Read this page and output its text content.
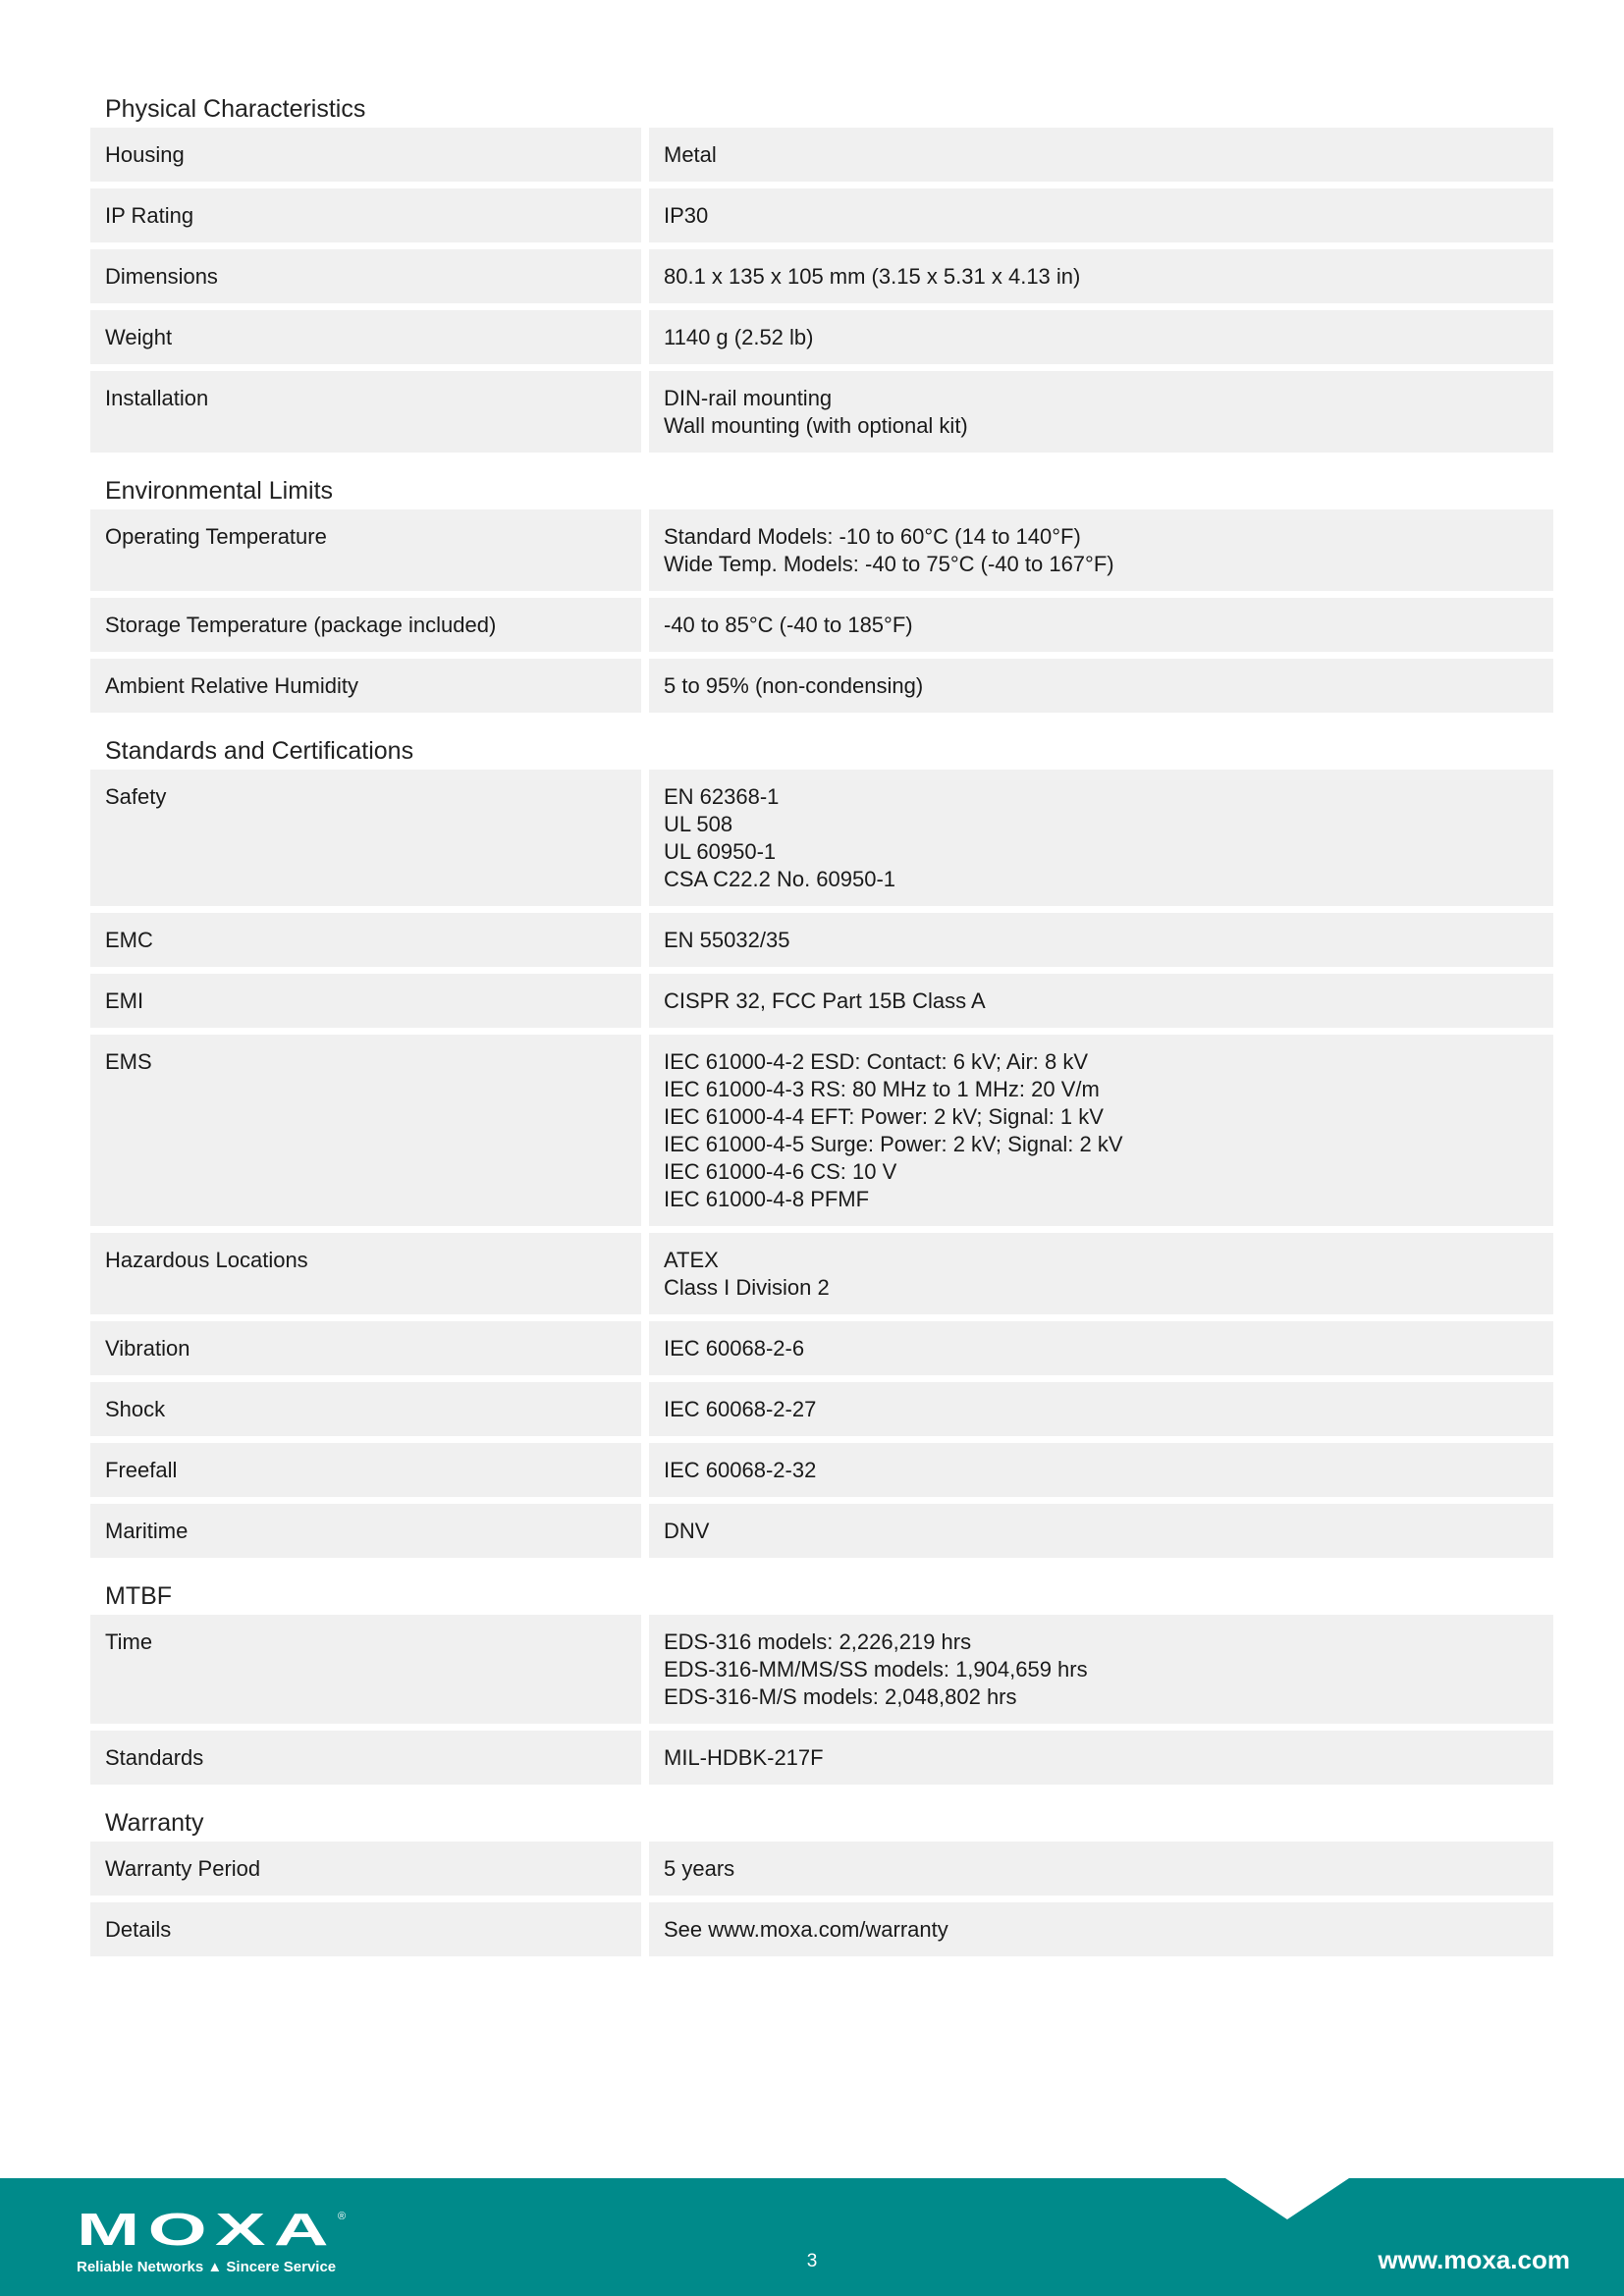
Physical Characteristics
Housing	Metal
IP Rating	IP30
Dimensions	80.1 x 135 x 105 mm (3.15 x 5.31 x 4.13 in)
Weight	1140 g (2.52 lb)
Installation	DIN-rail mounting
Wall mounting (with optional kit)
Environmental Limits
Operating Temperature	Standard Models: -10 to 60°C (14 to 140°F)
Wide Temp. Models: -40 to 75°C (-40 to 167°F)
Storage Temperature (package included)	-40 to 85°C (-40 to 185°F)
Ambient Relative Humidity	5 to 95% (non-condensing)
Standards and Certifications
Safety	EN 62368-1
UL 508
UL 60950-1
CSA C22.2 No. 60950-1
EMC	EN 55032/35
EMI	CISPR 32, FCC Part 15B Class A
EMS	IEC 61000-4-2 ESD: Contact: 6 kV; Air: 8 kV
IEC 61000-4-3 RS: 80 MHz to 1 MHz: 20 V/m
IEC 61000-4-4 EFT: Power: 2 kV; Signal: 1 kV
IEC 61000-4-5 Surge: Power: 2 kV; Signal: 2 kV
IEC 61000-4-6 CS: 10 V
IEC 61000-4-8 PFMF
Hazardous Locations	ATEX
Class I Division 2
Vibration	IEC 60068-2-6
Shock	IEC 60068-2-27
Freefall	IEC 60068-2-32
Maritime	DNV
MTBF
Time	EDS-316 models: 2,226,219 hrs
EDS-316-MM/MS/SS models: 1,904,659 hrs
EDS-316-M/S models: 2,048,802 hrs
Standards	MIL-HDBK-217F
Warranty
Warranty Period	5 years
Details	See www.moxa.com/warranty
MOXA ®
Reliable Networks ▲ Sincere Service	3	www.moxa.com
